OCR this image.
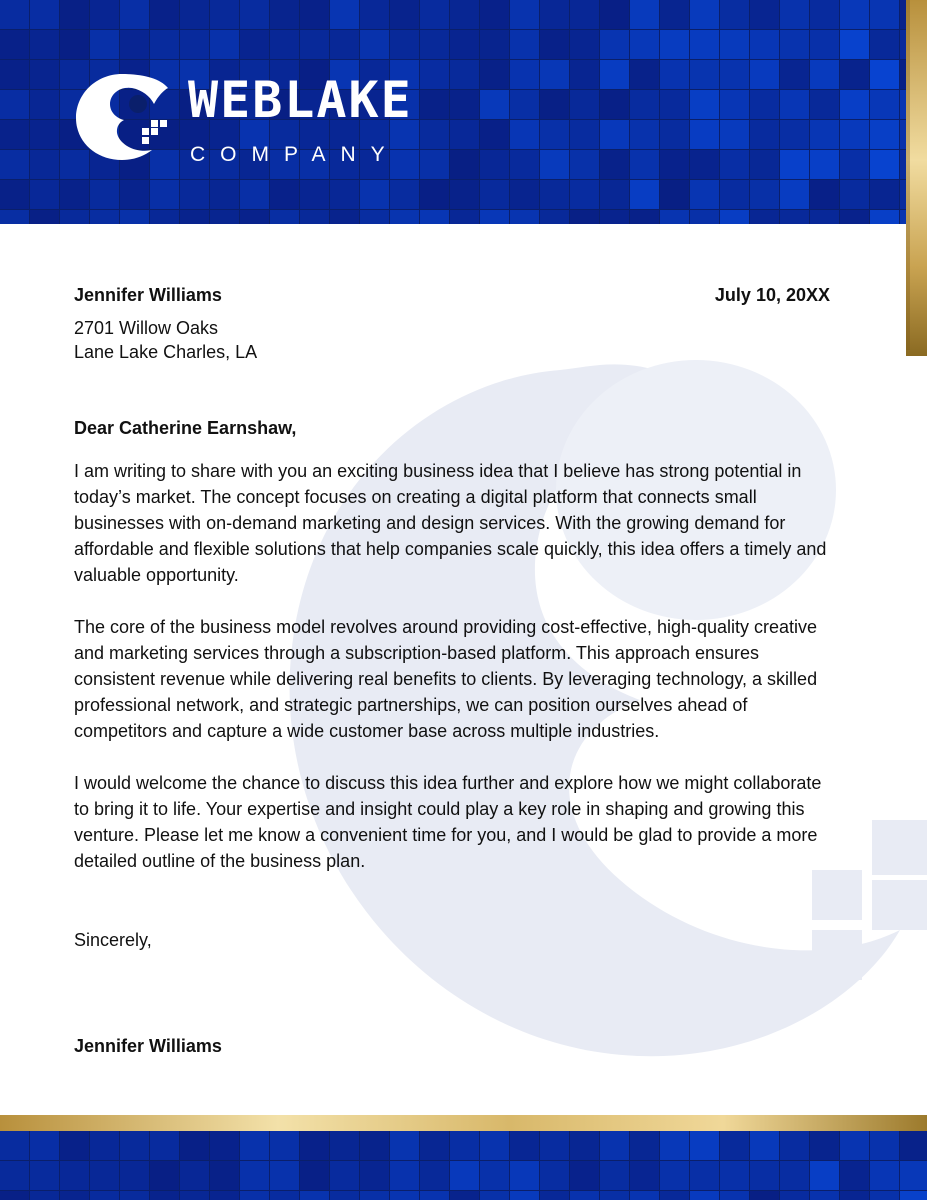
WEBLAKE
COMPANY
Jennifer Williams	July 10, 20XX
2701 Willow Oaks
Lane Lake Charles, LA
Dear Catherine Earnshaw,

I am writing to share with you an exciting business idea that I believe has strong potential in today’s market. The concept focuses on creating a digital platform that connects small businesses with on-demand marketing and design services. With the growing demand for affordable and flexible solutions that help companies scale quickly, this idea offers a timely and valuable opportunity.

The core of the business model revolves around providing cost-effective, high-quality creative and marketing services through a subscription-based platform. This approach ensures consistent revenue while delivering real benefits to clients. By leveraging technology, a skilled professional network, and strategic partnerships, we can position ourselves ahead of competitors and capture a wide customer base across multiple industries.

I would welcome the chance to discuss this idea further and explore how we might collaborate to bring it to life. Your expertise and insight could play a key role in shaping and growing this venture. Please let me know a convenient time for you, and I would be glad to provide a more detailed outline of the business plan.

Sincerely,
Jennifer Williams
